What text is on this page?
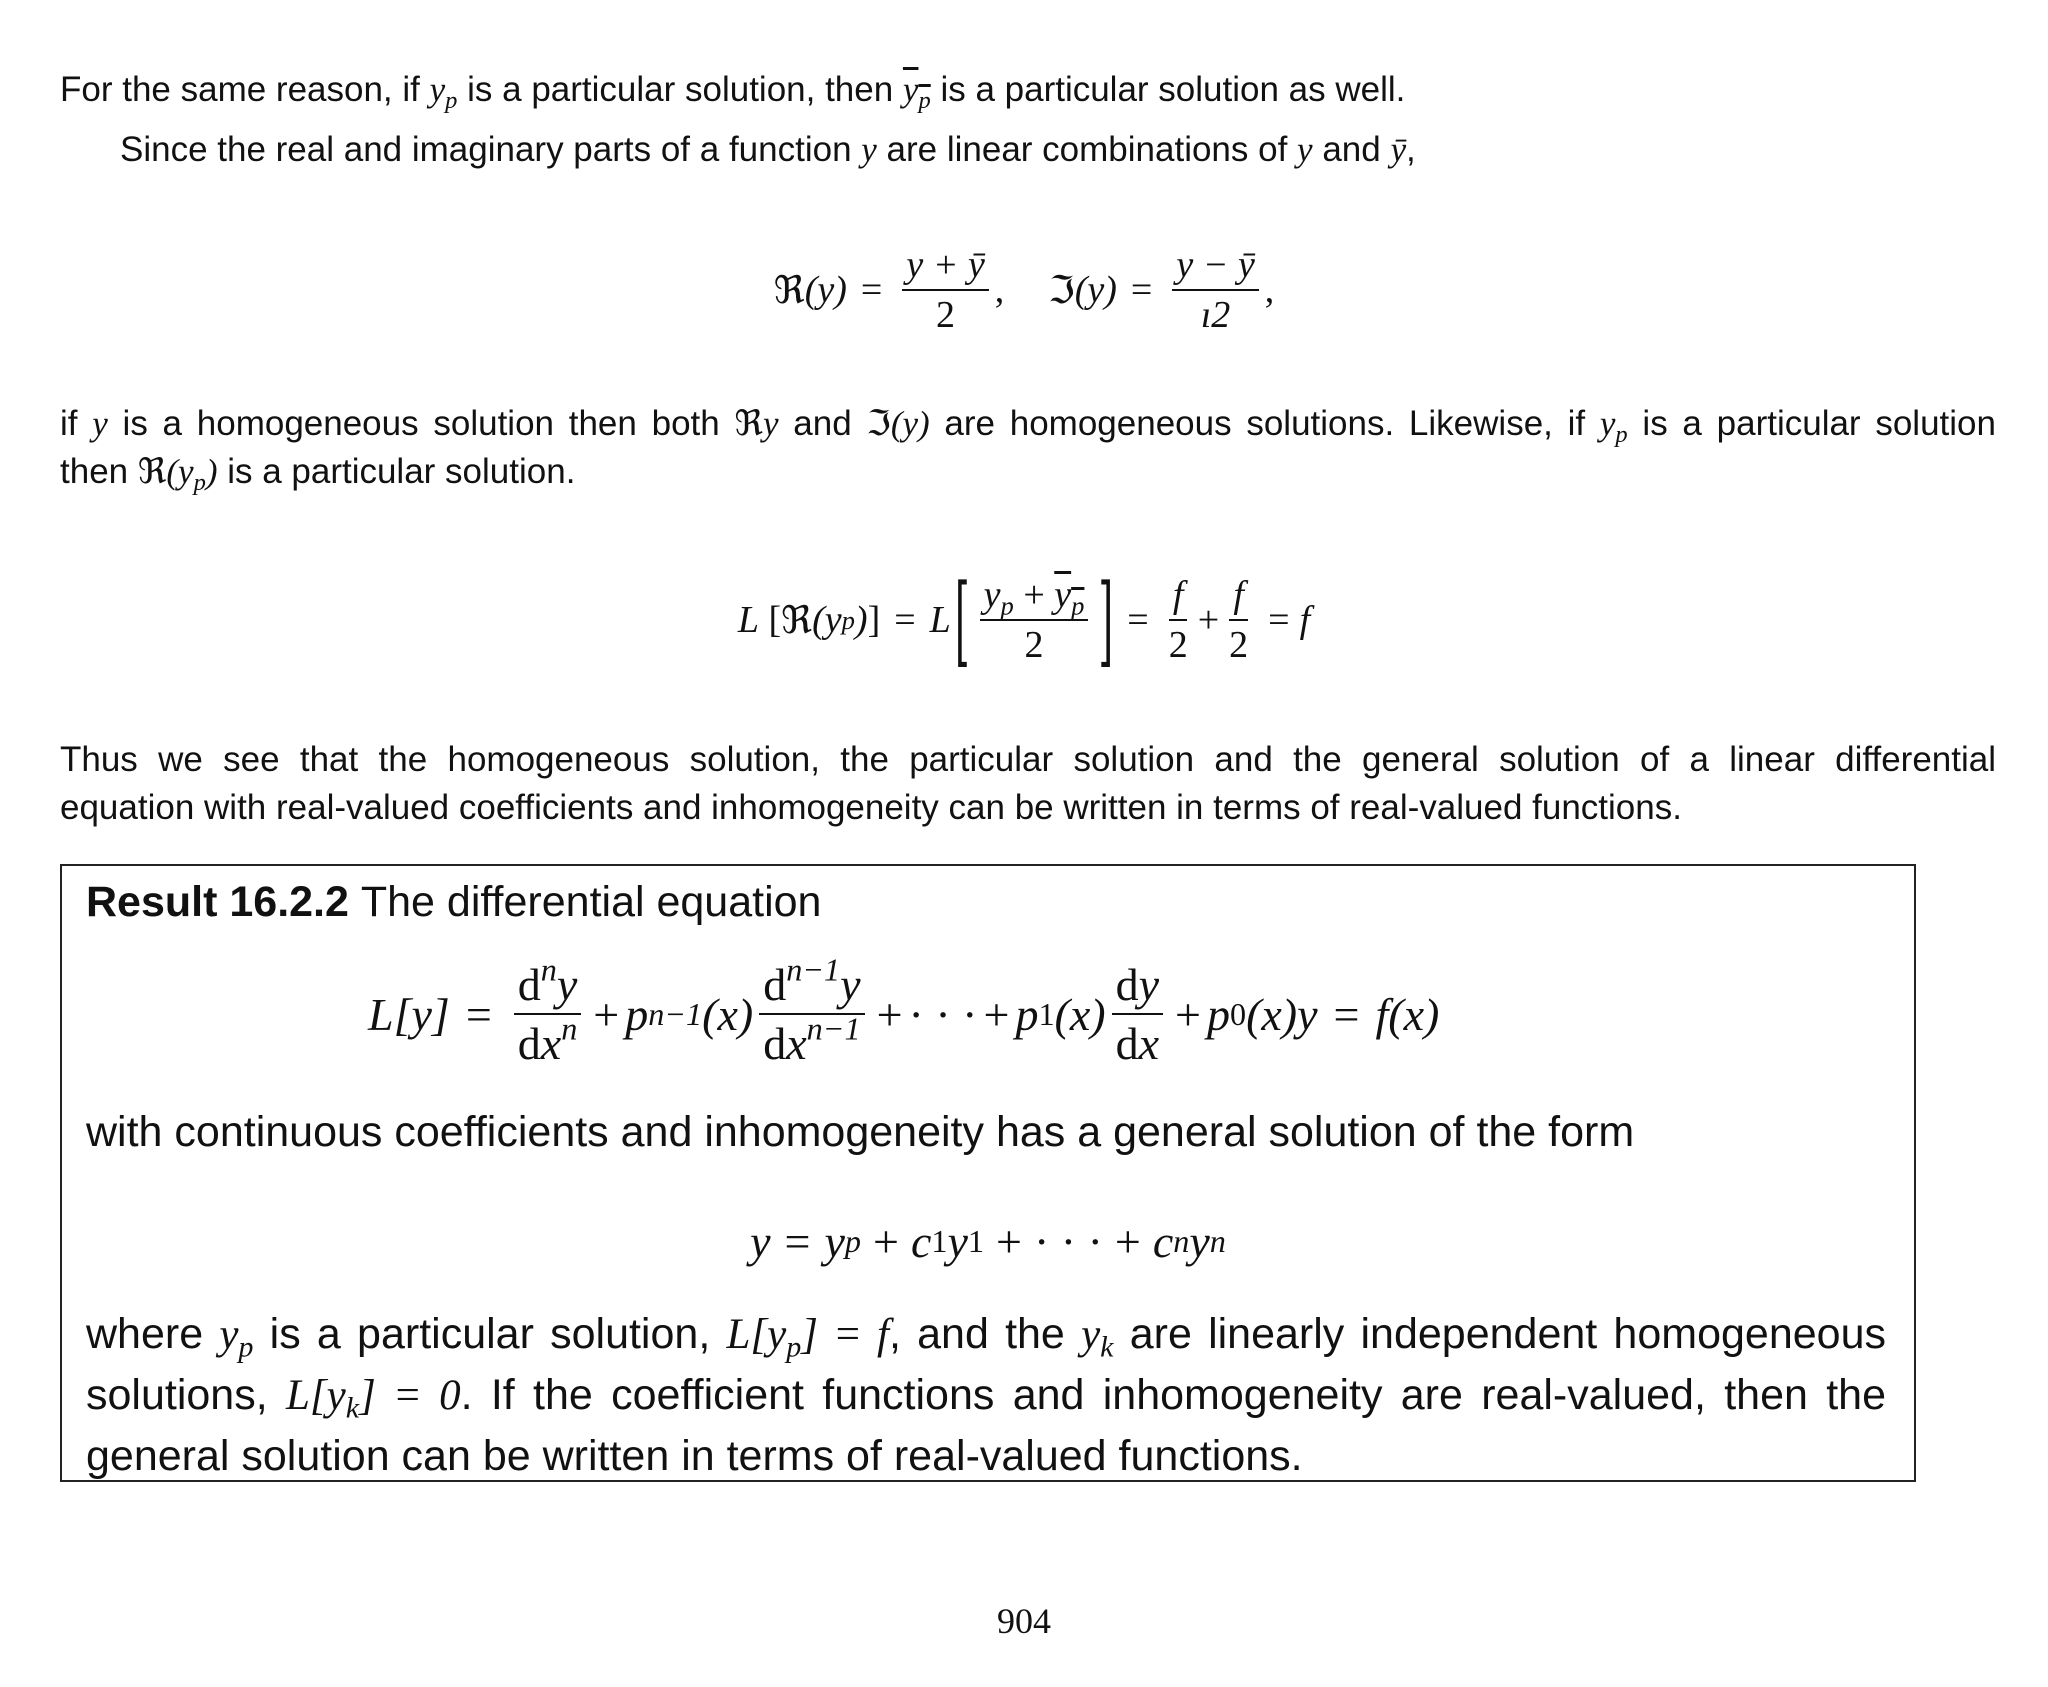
For the same reason, if $y_p$ is a particular solution, then $y_p$ is a particular solution as well.
Since the real and imaginary parts of a function y are linear combinations of y and ȳ,
ℜ $(y) = \frac{y + ȳ}{2}$ , ℑ $(y) = \frac{y - ȳ}{ı2}$ ,
if y is a homogeneous solution then both ℜy and ℑ(y) are homogeneous solutions. Likewise, if $y_p$ is a particular solution
then $ℜ(y_p)$ is a particular solution.
L
[ ℜ (y p ) ] = L [ $\frac{y_p + y_p}{2}$ ] = $\frac{f}{2} + \frac{f}{2} = f$
Thus we see that the homogeneous solution, the particular solution and the general solution of a linear differential
equation with real-valued coefficients and inhomogeneity can be written in terms of real-valued functions.
Result 16.2.2 The differential equation
$L[y] = \frac{d^ny}{dx^n} + p$ n−1 $(x) \frac{d^{n-1}y}{dx^{n-1}}$ + · · · + p 1 $(x) \frac{dy}{dx} + p$ 0 (x) y = f(x)
with continuous coefficients and inhomogeneity has a general solution of the form
y = y p + c 1 y 1 + · · · + c n y n
where $y_p$ is a particular solution, $L[y_p] = f$, and the $y_k$ are linearly independent homogeneous
solutions, $L[y_k] = 0$. If the coefficient functions and inhomogeneity are real-valued, then the
general solution can be written in terms of real-valued functions.
904
